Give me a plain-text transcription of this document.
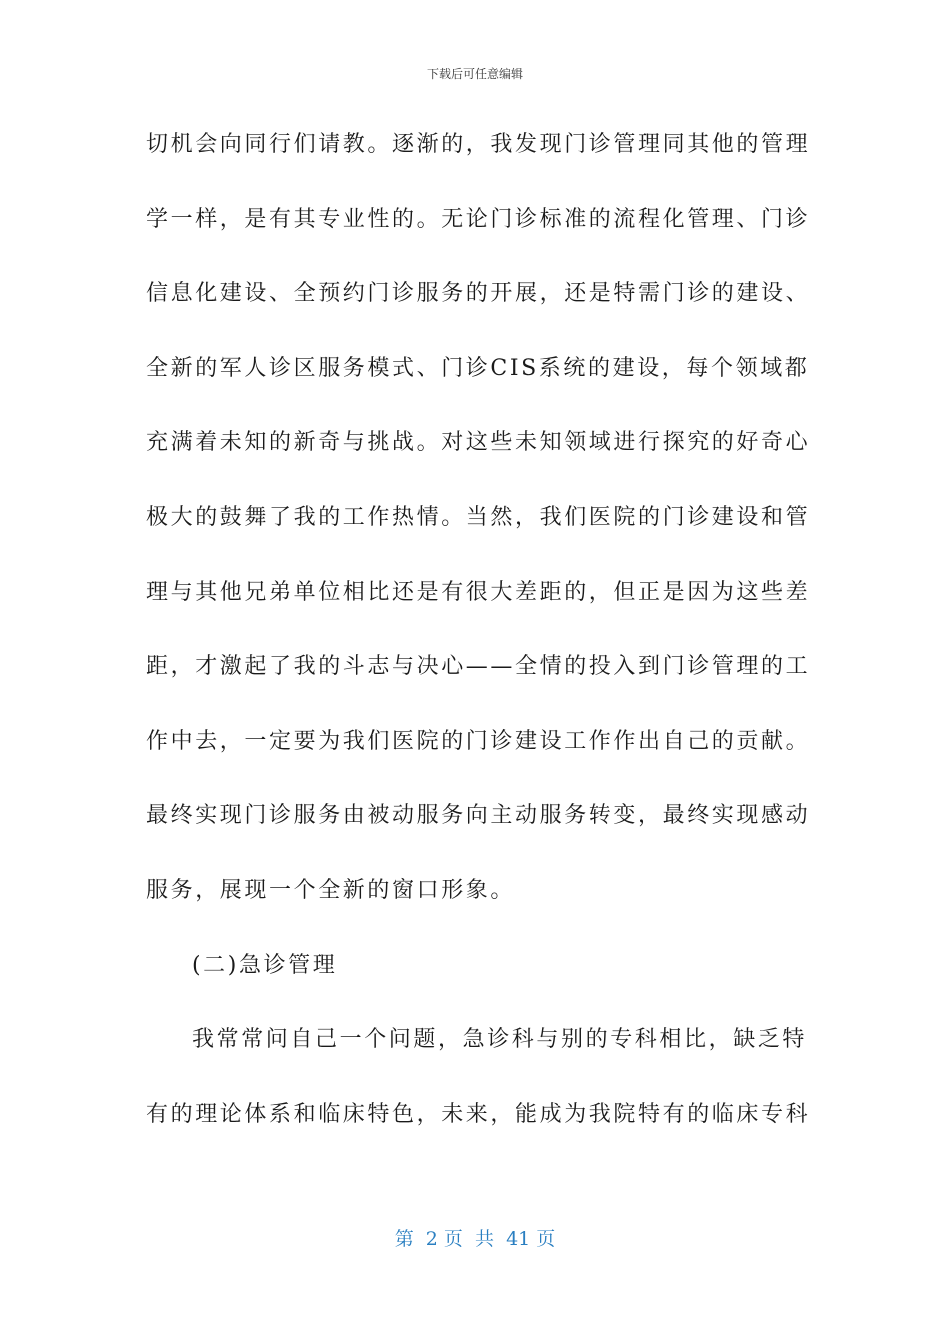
下载后可任意编辑
切机会向同行们请教。逐渐的，我发现门诊管理同其他的管理
学一样，是有其专业性的。无论门诊标准的流程化管理、门诊
信息化建设、全预约门诊服务的开展，还是特需门诊的建设、
全新的军人诊区服务模式、门诊CIS系统的建设，每个领域都
充满着未知的新奇与挑战。对这些未知领域进行探究的好奇心
极大的鼓舞了我的工作热情。当然，我们医院的门诊建设和管
理与其他兄弟单位相比还是有很大差距的，但正是因为这些差
距，才激起了我的斗志与决心——全情的投入到门诊管理的工
作中去，一定要为我们医院的门诊建设工作作出自己的贡献。
最终实现门诊服务由被动服务向主动服务转变，最终实现感动
服务，展现一个全新的窗口形象。
(二)急诊管理
我常常问自己一个问题，急诊科与别的专科相比，缺乏特
有的理论体系和临床特色，未来，能成为我院特有的临床专科
第  2 页  共  41 页
